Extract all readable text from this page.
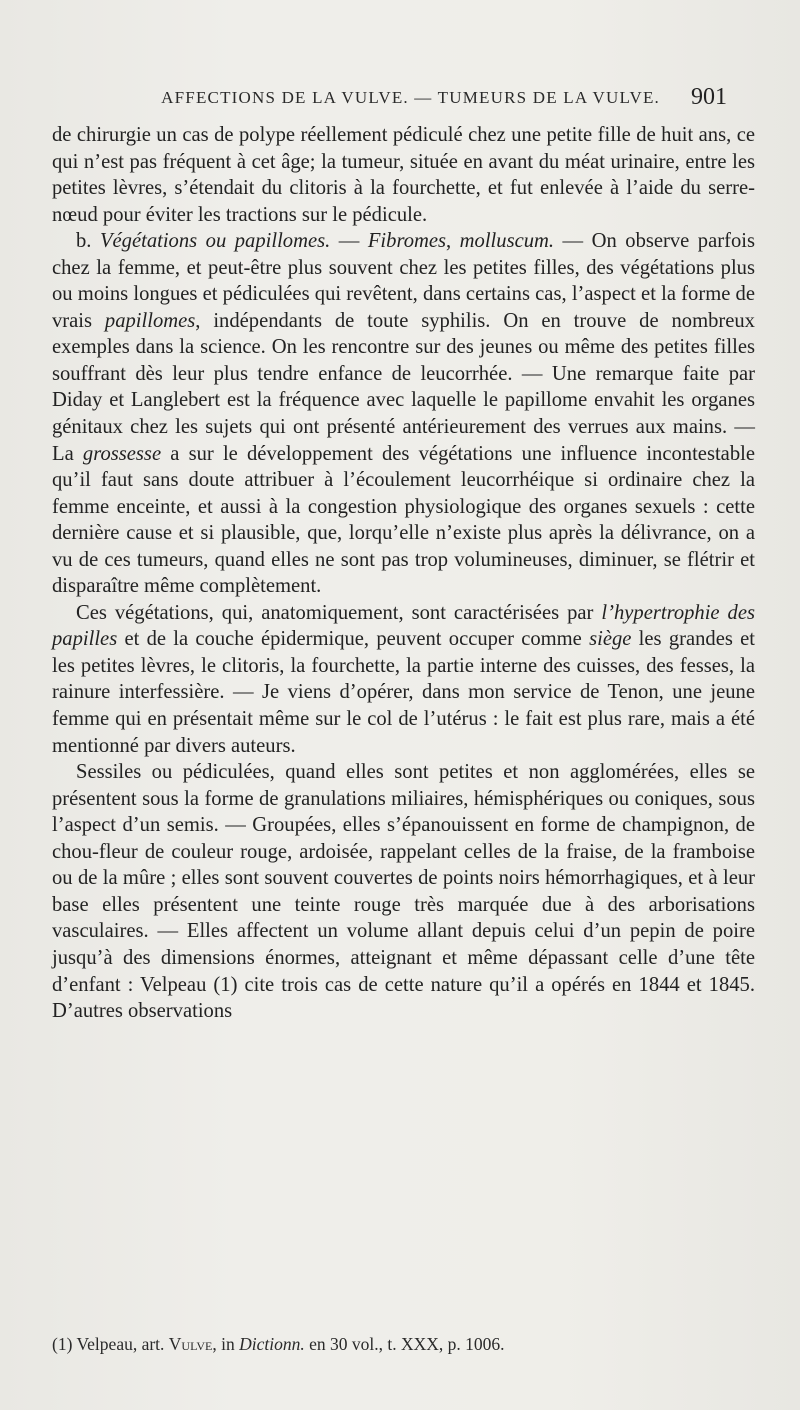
AFFECTIONS DE LA VULVE. — TUMEURS DE LA VULVE. 901

de chirurgie un cas de polype réellement pédiculé chez une petite fille de huit ans, ce qui n’est pas fréquent à cet âge; la tumeur, située en avant du méat urinaire, entre les petites lèvres, s’étendait du clitoris à la fourchette, et fut enlevée à l’aide du serre-nœud pour éviter les tractions sur le pédicule.

b. Végétations ou papillomes. — Fibromes, molluscum. — On observe parfois chez la femme, et peut-être plus souvent chez les petites filles, des végétations plus ou moins longues et pédiculées qui revêtent, dans certains cas, l’aspect et la forme de vrais papillomes, indépendants de toute syphilis. On en trouve de nombreux exemples dans la science. On les rencontre sur des jeunes ou même des petites filles souffrant dès leur plus tendre enfance de leucorrhée. — Une remarque faite par Diday et Langlebert est la fréquence avec laquelle le papillome envahit les organes génitaux chez les sujets qui ont présenté antérieurement des verrues aux mains. — La grossesse a sur le développement des végétations une influence incontestable qu’il faut sans doute attribuer à l’écoulement leucorrhéique si ordinaire chez la femme enceinte, et aussi à la congestion physiologique des organes sexuels : cette dernière cause et si plausible, que, lorqu’elle n’existe plus après la délivrance, on a vu de ces tumeurs, quand elles ne sont pas trop volumineuses, diminuer, se flétrir et disparaître même complètement.

Ces végétations, qui, anatomiquement, sont caractérisées par l’hypertrophie des papilles et de la couche épidermique, peuvent occuper comme siège les grandes et les petites lèvres, le clitoris, la fourchette, la partie interne des cuisses, des fesses, la rainure interfessière. — Je viens d’opérer, dans mon service de Tenon, une jeune femme qui en présentait même sur le col de l’utérus : le fait est plus rare, mais a été mentionné par divers auteurs.

Sessiles ou pédiculées, quand elles sont petites et non agglomérées, elles se présentent sous la forme de granulations miliaires, hémisphériques ou coniques, sous l’aspect d’un semis. — Groupées, elles s’épanouissent en forme de champignon, de chou-fleur de couleur rouge, ardoisée, rappelant celles de la fraise, de la framboise ou de la mûre ; elles sont souvent couvertes de points noirs hémorrhagiques, et à leur base elles présentent une teinte rouge très marquée due à des arborisations vasculaires. — Elles affectent un volume allant depuis celui d’un pepin de poire jusqu’à des dimensions énormes, atteignant et même dépassant celle d’une tête d’enfant : Velpeau (1) cite trois cas de cette nature qu’il a opérés en 1844 et 1845. D’autres observations

(1) Velpeau, art. Vulve, in Dictionn. en 30 vol., t. XXX, p. 1006.
